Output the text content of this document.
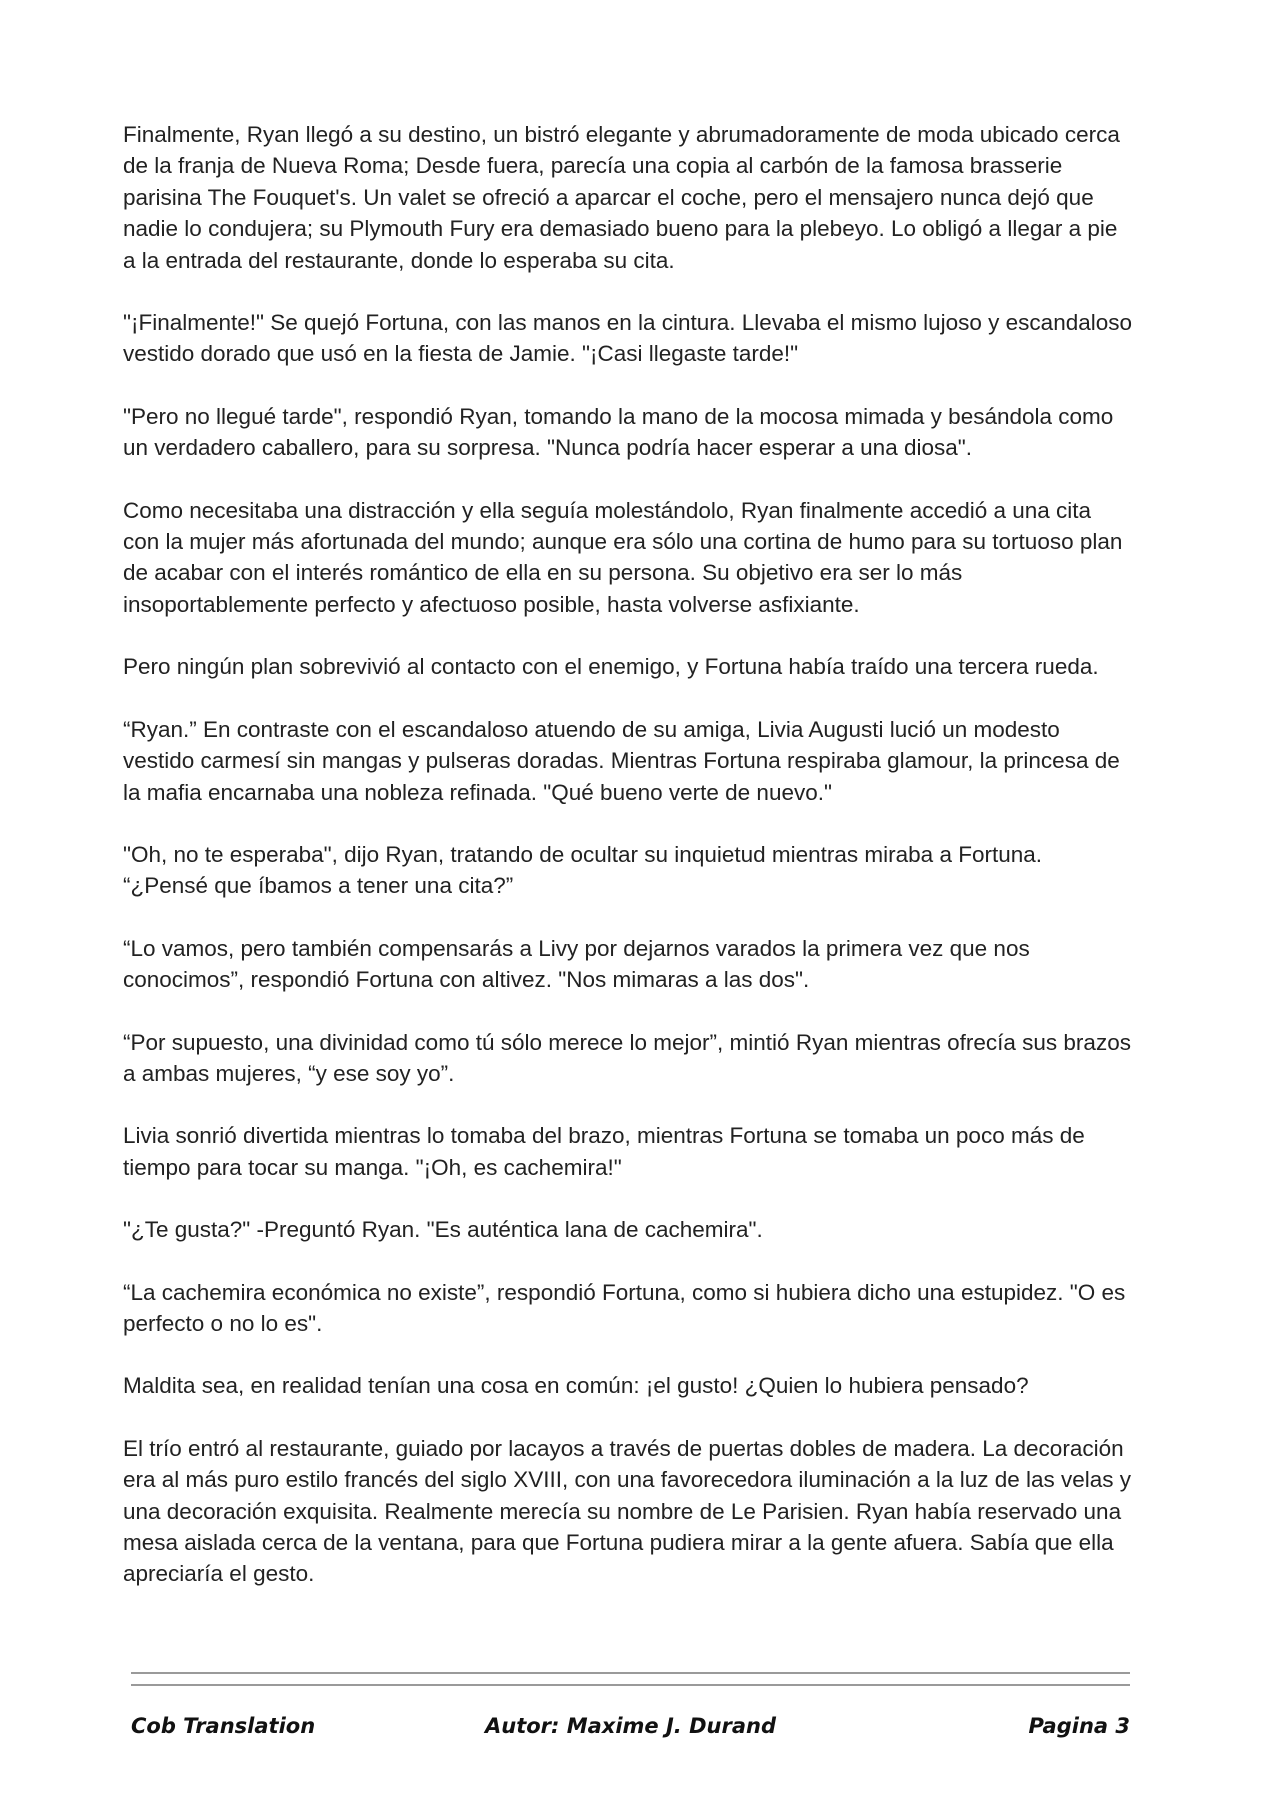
Finalmente, Ryan llegó a su destino, un bistró elegante y abrumadoramente de moda ubicado cerca de la franja de Nueva Roma; Desde fuera, parecía una copia al carbón de la famosa brasserie parisina The Fouquet's. Un valet se ofreció a aparcar el coche, pero el mensajero nunca dejó que nadie lo condujera; su Plymouth Fury era demasiado bueno para la plebeyo. Lo obligó a llegar a pie a la entrada del restaurante, donde lo esperaba su cita.

"¡Finalmente!" Se quejó Fortuna, con las manos en la cintura. Llevaba el mismo lujoso y escandaloso vestido dorado que usó en la fiesta de Jamie. "¡Casi llegaste tarde!"

"Pero no llegué tarde", respondió Ryan, tomando la mano de la mocosa mimada y besándola como un verdadero caballero, para su sorpresa. "Nunca podría hacer esperar a una diosa".

Como necesitaba una distracción y ella seguía molestándolo, Ryan finalmente accedió a una cita con la mujer más afortunada del mundo; aunque era sólo una cortina de humo para su tortuoso plan de acabar con el interés romántico de ella en su persona. Su objetivo era ser lo más insoportablemente perfecto y afectuoso posible, hasta volverse asfixiante.

Pero ningún plan sobrevivió al contacto con el enemigo, y Fortuna había traído una tercera rueda.

“Ryan.” En contraste con el escandaloso atuendo de su amiga, Livia Augusti lució un modesto vestido carmesí sin mangas y pulseras doradas. Mientras Fortuna respiraba glamour, la princesa de la mafia encarnaba una nobleza refinada. "Qué bueno verte de nuevo."

"Oh, no te esperaba", dijo Ryan, tratando de ocultar su inquietud mientras miraba a Fortuna. “¿Pensé que íbamos a tener una cita?”

“Lo vamos, pero también compensarás a Livy por dejarnos varados la primera vez que nos conocimos”, respondió Fortuna con altivez. "Nos mimaras a las dos".

“Por supuesto, una divinidad como tú sólo merece lo mejor”, mintió Ryan mientras ofrecía sus brazos a ambas mujeres, “y ese soy yo”.

Livia sonrió divertida mientras lo tomaba del brazo, mientras Fortuna se tomaba un poco más de tiempo para tocar su manga. "¡Oh, es cachemira!"

"¿Te gusta?" -Preguntó Ryan. "Es auténtica lana de cachemira".

“La cachemira económica no existe”, respondió Fortuna, como si hubiera dicho una estupidez. "O es perfecto o no lo es".

Maldita sea, en realidad tenían una cosa en común: ¡el gusto! ¿Quien lo hubiera pensado?

El trío entró al restaurante, guiado por lacayos a través de puertas dobles de madera. La decoración era al más puro estilo francés del siglo XVIII, con una favorecedora iluminación a la luz de las velas y una decoración exquisita. Realmente merecía su nombre de Le Parisien. Ryan había reservado una mesa aislada cerca de la ventana, para que Fortuna pudiera mirar a la gente afuera. Sabía que ella apreciaría el gesto.

Cob Translation	Autor: Maxime J. Durand	Pagina 3
